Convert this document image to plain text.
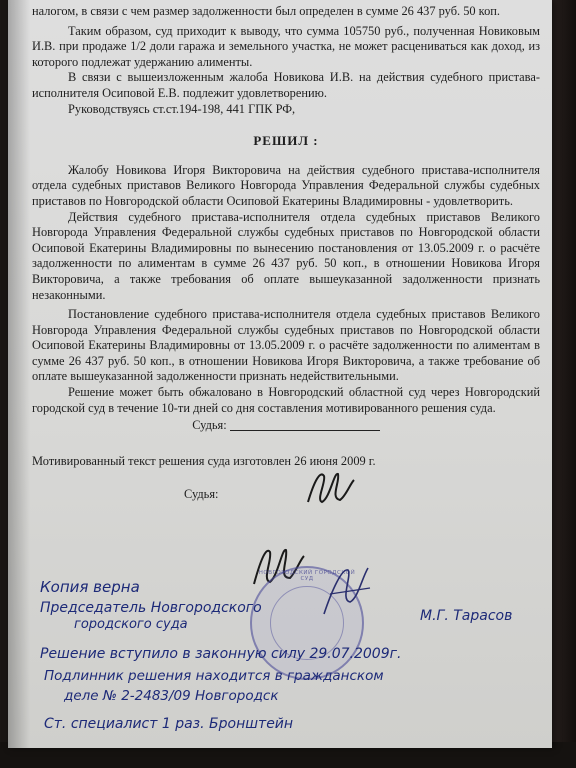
налогом, в связи с чем размер задолженности был определен в сумме 26 437 руб. 50 коп.

Таким образом, суд приходит к выводу, что сумма 105750 руб., полученная Новиковым И.В. при продаже 1/2 доли гаража и земельного участка, не может расцениваться как доход, из которого подлежат удержанию алименты.

В связи с вышеизложенным жалоба Новикова И.В. на действия судебного пристава-исполнителя Осиповой Е.В. подлежит удовлетворению.

Руководствуясь ст.ст.194-198, 441 ГПК РФ,

РЕШИЛ :

Жалобу Новикова Игоря Викторовича на действия судебного пристава-исполнителя отдела судебных приставов Великого Новгорода Управления Федеральной службы судебных приставов по Новгородской области Осиповой Екатерины Владимировны - удовлетворить.

Действия судебного пристава-исполнителя отдела судебных приставов Великого Новгорода Управления Федеральной службы судебных приставов по Новгородской области Осиповой Екатерины Владимировны по вынесению постановления от 13.05.2009 г. о расчёте задолженности по алиментам в сумме 26 437 руб. 50 коп., в отношении Новикова Игоря Викторовича, а также требования об оплате вышеуказанной задолженности признать незаконными.

Постановление судебного пристава-исполнителя отдела судебных приставов Великого Новгорода Управления Федеральной службы судебных приставов по Новгородской области Осиповой Екатерины Владимировны от 13.05.2009 г. о расчёте задолженности по алиментам в сумме 26 437 руб. 50 коп., в отношении Новикова Игоря Викторовича, а также требование об оплате вышеуказанной задолженности признать недействительными.

Решение может быть обжаловано в Новгородский областной суд через Новгородский городской суд в течение 10-ти дней со дня составления мотивированного решения суда.

Судья:

Мотивированный текст решения суда изготовлен 26 июня 2009 г.

Судья:
НОВГОРОДСКИЙ ГОРОДСКОЙ СУД
Копия верна
Председатель Новгородского
городского суда
М.Г. Тарасов
Решение вступило в законную силу 29.07.2009г.
Подлинник решения находится в гражданском
деле № 2-2483/09 Новгородск
Ст. специалист 1 раз. Бронштейн
